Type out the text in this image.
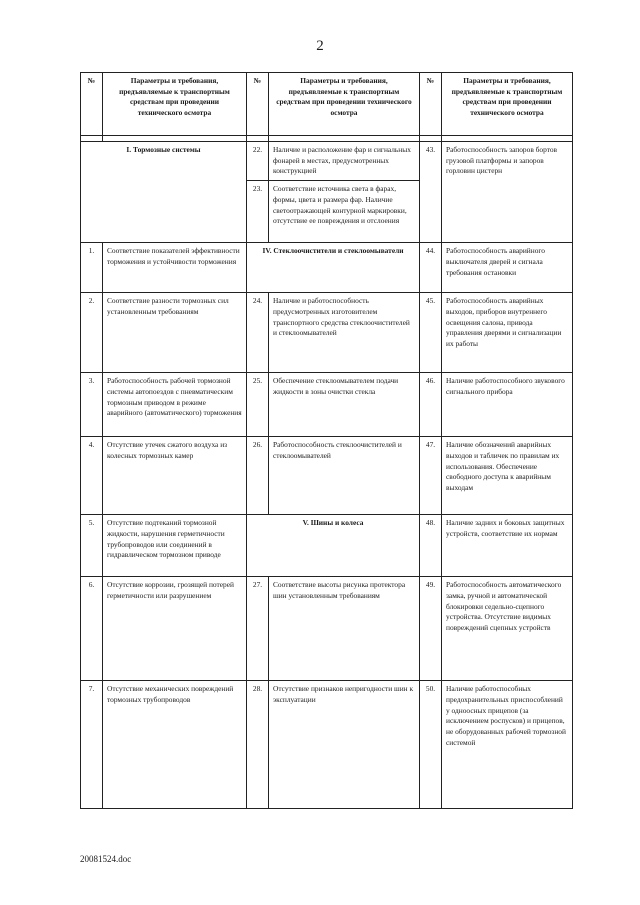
2
№	Параметры и требования, предъявляемые к транспортным средствам при проведении технического осмотра	№	Параметры и требования, предъявляемые к транспортным средствам при проведении технического осмотра	№	Параметры и требования, предъявляемые к транспортным средствам при проведении технического осмотра

I. Тормозные системы		22.	Наличие и расположение фар и сигнальных фонарей в местах, предусмотренных конструкцией	43.	Работоспособность запоров бортов грузовой платформы и запоров горловин цистерн
		23.	Соответствие источника света в фарах, формы, цвета и размера фар. Наличие светоотражающей контурной маркировки, отсутствие ее повреждения и отслоения		
1.	Соответствие показателей эффективности торможения и устойчивости торможения	IV. Стеклоочистители и стеклоомыватели		44.	Работоспособность аварийного выключателя дверей и сигнала требования остановки
2.	Соответствие разности тормозных сил установленным требованиям	24.	Наличие и работоспособность предусмотренных изготовителем транспортного средства стеклоочистителей и стеклоомывателей	45.	Работоспособность аварийных выходов, приборов внутреннего освещения салона, привода управления дверями и сигнализации их работы
3.	Работоспособность рабочей тормозной системы автопоездов с пневматическим тормозным приводом в режиме аварийного (автоматического) торможения	25.	Обеспечение стеклоомывателем подачи жидкости в зоны очистки стекла	46.	Наличие работоспособного звукового сигнального прибора
4.	Отсутствие утечек сжатого воздуха из колесных тормозных камер	26.	Работоспособность стеклоочистителей и стеклоомывателей	47.	Наличие обозначений аварийных выходов и табличек по правилам их использования. Обеспечение свободного доступа к аварийным выходам
5.	Отсутствие подтеканий тормозной жидкости, нарушения герметичности трубопроводов или соединений в гидравлическом тормозном приводе	V. Шины и колеса		48.	Наличие задних и боковых защитных устройств, соответствие их нормам
6.	Отсутствие коррозии, грозящей потерей герметичности или разрушением	27.	Соответствие высоты рисунка протектора шин установленным требованиям	49.	Работоспособность автоматического замка, ручной и автоматической блокировки седельно-сцепного устройства. Отсутствие видимых повреждений сцепных устройств
7.	Отсутствие механических повреждений тормозных трубопроводов	28.	Отсутствие признаков непригодности шин к эксплуатации	50.	Наличие работоспособных предохранительных приспособлений у одноосных прицепов (за исключением роспусков) и прицепов, не оборудованных рабочей тормозной системой
20081524.doc
